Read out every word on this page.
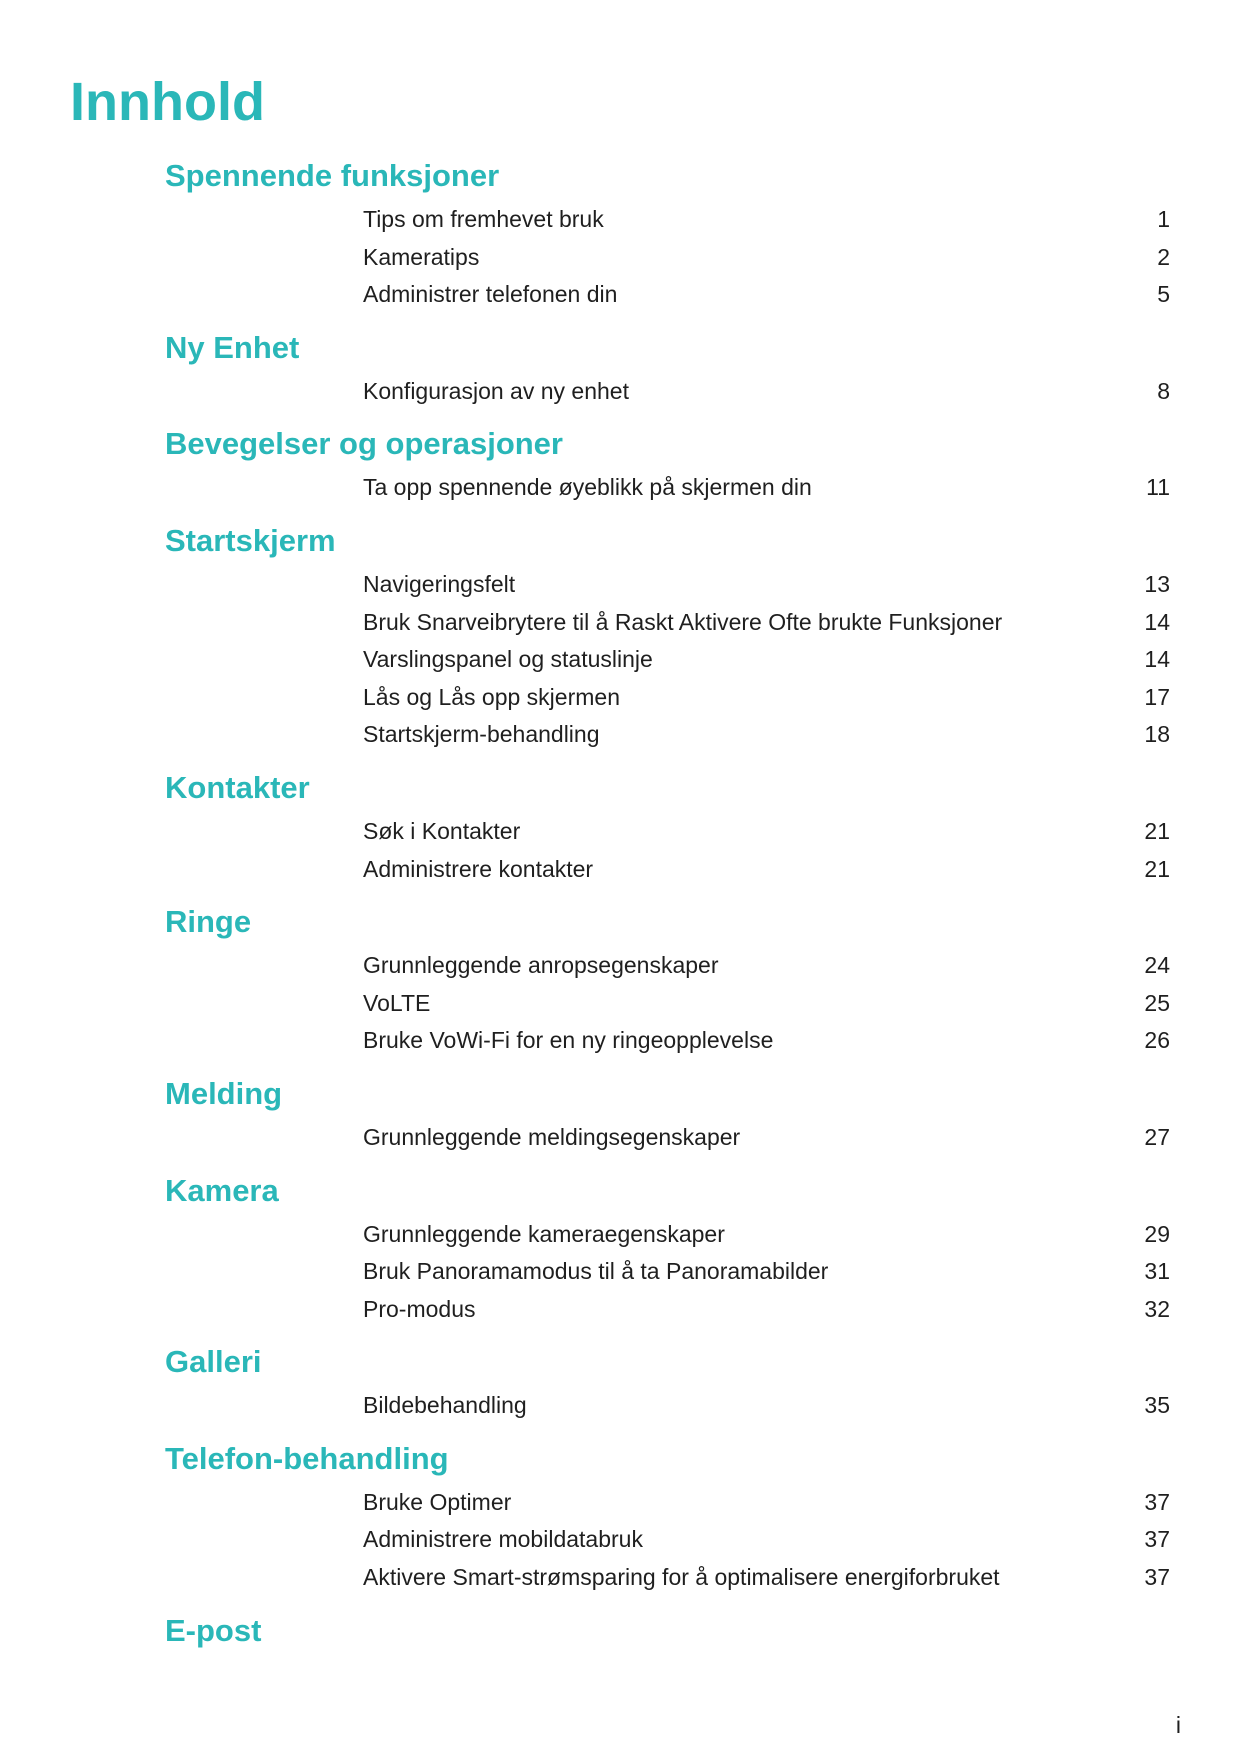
Innhold
Spennende funksjoner
Tips om fremhevet bruk	1
Kameratips	2
Administrer telefonen din	5
Ny Enhet
Konfigurasjon av ny enhet	8
Bevegelser og operasjoner
Ta opp spennende øyeblikk på skjermen din	11
Startskjerm
Navigeringsfelt	13
Bruk Snarveibrytere til å Raskt Aktivere Ofte brukte Funksjoner	14
Varslingspanel og statuslinje	14
Lås og Lås opp skjermen	17
Startskjerm-behandling	18
Kontakter
Søk i Kontakter	21
Administrere kontakter	21
Ringe
Grunnleggende anropsegenskaper	24
VoLTE	25
Bruke VoWi-Fi for en ny ringeopplevelse	26
Melding
Grunnleggende meldingsegenskaper	27
Kamera
Grunnleggende kameraegenskaper	29
Bruk Panoramamodus til å ta Panoramabilder	31
Pro-modus	32
Galleri
Bildebehandling	35
Telefon-behandling
Bruke Optimer	37
Administrere mobildatabruk	37
Aktivere Smart-strømsparing for å optimalisere energiforbruket	37
E-post
i
